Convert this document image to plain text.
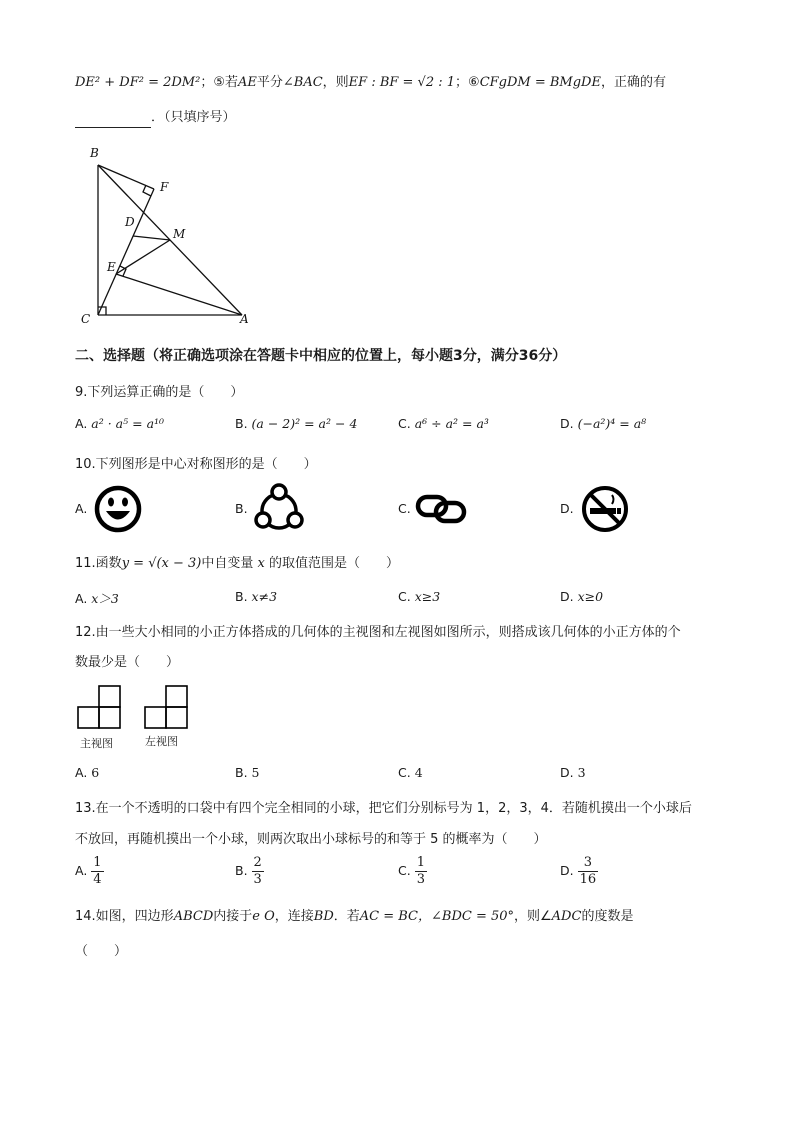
DE² + DF² = 2DM²；⑤若AE平分∠BAC，则EF : BF = √2 : 1；⑥CFgDM = BMgDE，正确的有
．（只填序号）
B
F
D
M
E
C	A
二、选择题（将正确选项涂在答题卡中相应的位置上，每小题3分，满分36分）
9.下列运算正确的是（　　）
A. a² · a⁵ = a¹⁰	B. (a − 2)² = a² − 4	C. a⁶ ÷ a² = a³	D. (−a²)⁴ = a⁸
10.下列图形是中心对称图形的是（　　）
A.	B.	C.	D.
11.函数y = √(x − 3)中自变量 x 的取值范围是（　　）
A. x＞3	B. x≠3	C. x≥3	D. x≥0
12.由一些大小相同的小正方体搭成的几何体的主视图和左视图如图所示，则搭成该几何体的小正方体的个
数最少是（　　）
主视图	左视图
A. 6	B. 5	C. 4	D. 3
13.在一个不透明的口袋中有四个完全相同的小球，把它们分别标号为 1，2，3，4．若随机摸出一个小球后
不放回，再随机摸出一个小球，则两次取出小球标号的和等于 5 的概率为（　　）
A. $\frac{1}{4}$	B. $\frac{2}{3}$	C. $\frac{1}{3}$	D. $\frac{3}{16}$
14.如图，四边形ABCD内接于e O，连接BD．若AC = BC，∠BDC = 50°，则∠ADC的度数是
（　　）
